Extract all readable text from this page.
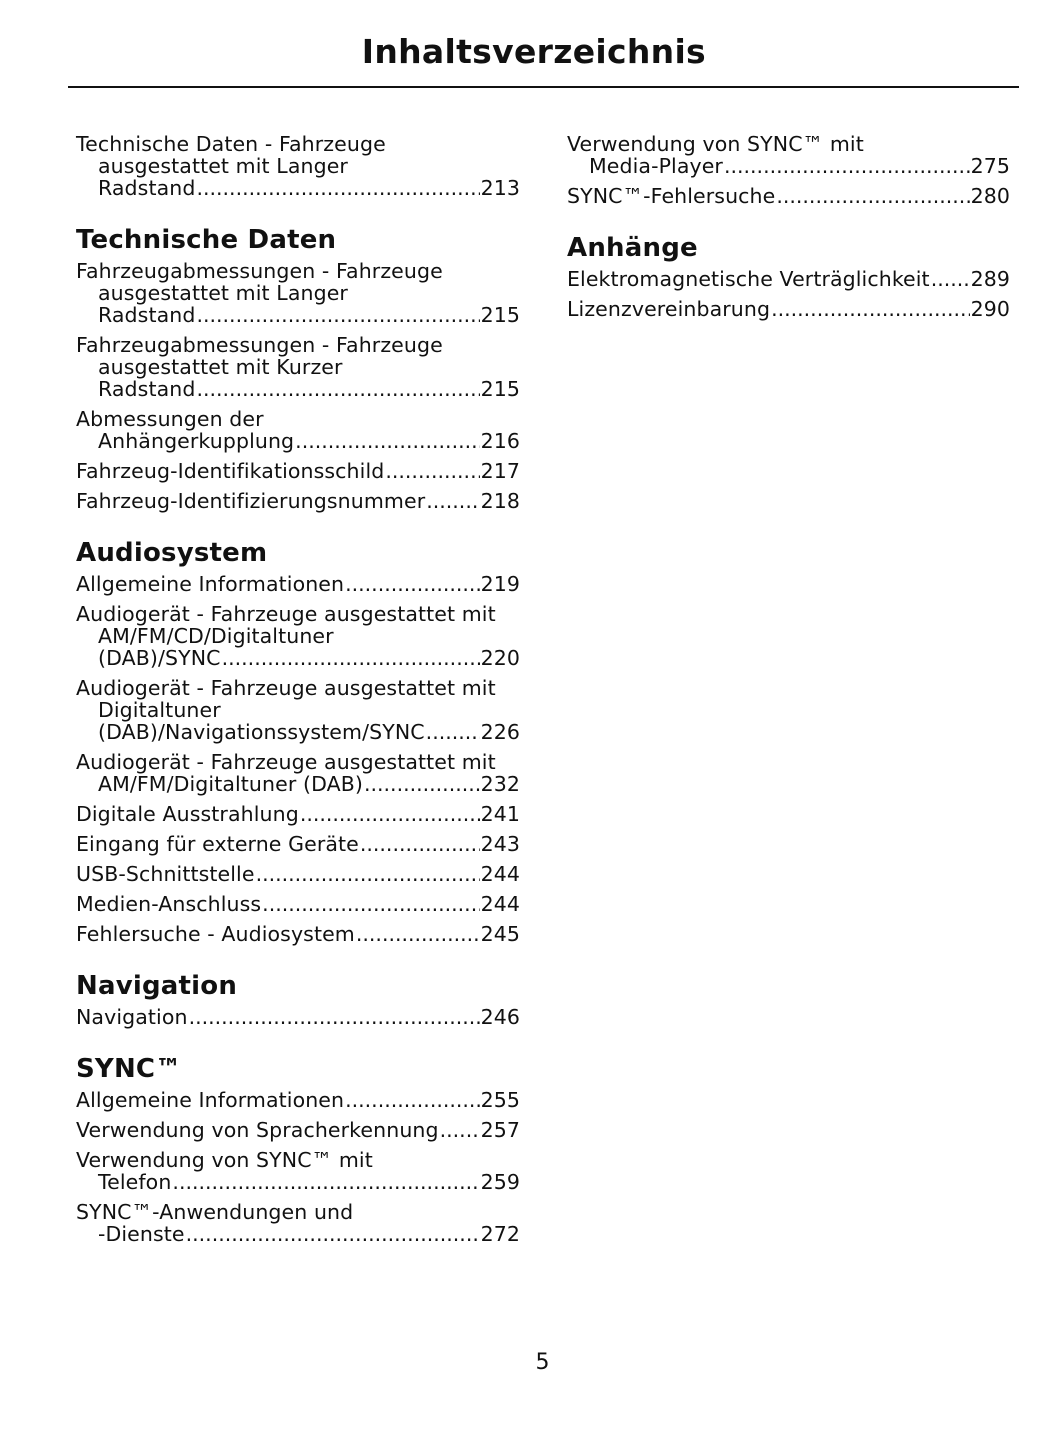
Inhaltsverzeichnis
Technische Daten - Fahrzeuge
ausgestattet mit Langer
Radstand .....	213
Technische Daten
Fahrzeugabmessungen - Fahrzeuge
ausgestattet mit Langer
Radstand .....	215
Fahrzeugabmessungen - Fahrzeuge
ausgestattet mit Kurzer
Radstand .....	215
Abmessungen der
Anhängerkupplung .....	216
Fahrzeug-Identifikationsschild .....	217
Fahrzeug-Identifizierungsnummer .....	218
Audiosystem
Allgemeine Informationen .....	219
Audiogerät - Fahrzeuge ausgestattet mit
AM/FM/CD/Digitaltuner
(DAB)/SYNC .....	220
Audiogerät - Fahrzeuge ausgestattet mit
Digitaltuner
(DAB)/Navigationssystem/SYNC .....	226
Audiogerät - Fahrzeuge ausgestattet mit
AM/FM/Digitaltuner (DAB) .....	232
Digitale Ausstrahlung .....	241
Eingang für externe Geräte .....	243
USB-Schnittstelle .....	244
Medien-Anschluss .....	244
Fehlersuche - Audiosystem .....	245
Navigation
Navigation .....	246
SYNC™
Allgemeine Informationen .....	255
Verwendung von Spracherkennung ..... 257
Verwendung von SYNC™ mit
Telefon .....	259
SYNC™-Anwendungen und
-Dienste .....	272
Verwendung von SYNC™ mit
Media-Player .....	275
SYNC™-Fehlersuche .....	280
Anhänge
Elektromagnetische Verträglichkeit ..... 289
Lizenzvereinbarung .....	290
5
